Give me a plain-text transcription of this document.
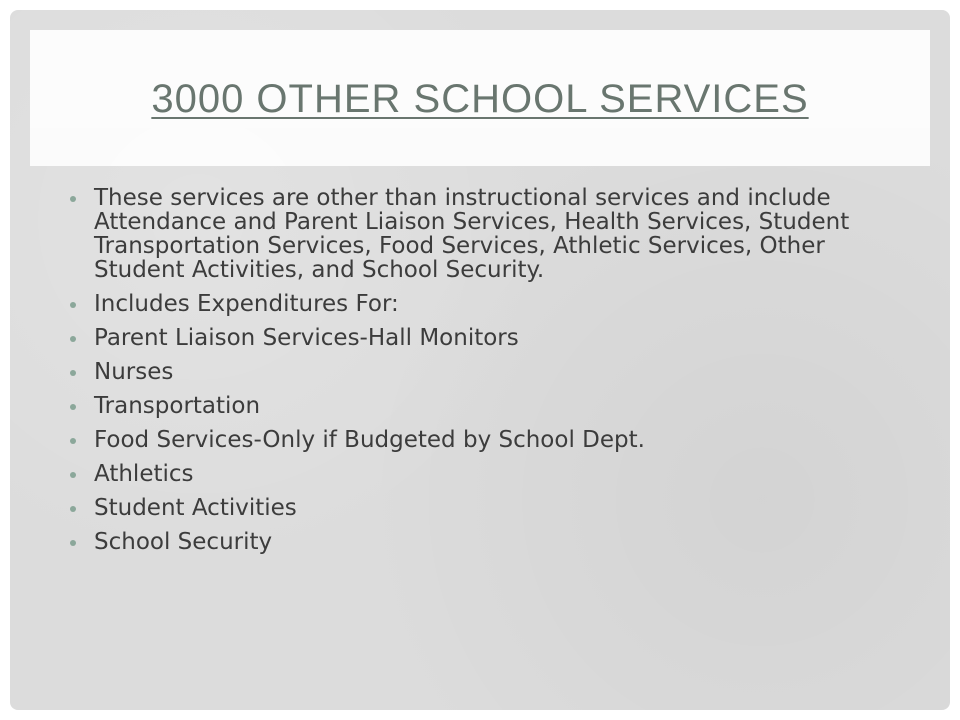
3000 OTHER SCHOOL SERVICES
These services are other than instructional services and include Attendance and Parent Liaison Services, Health Services, Student Transportation Services, Food Services, Athletic Services, Other Student Activities, and School Security.
Includes Expenditures For:
Parent Liaison Services-Hall Monitors
Nurses
Transportation
Food Services-Only if Budgeted by School Dept.
Athletics
Student Activities
School Security
